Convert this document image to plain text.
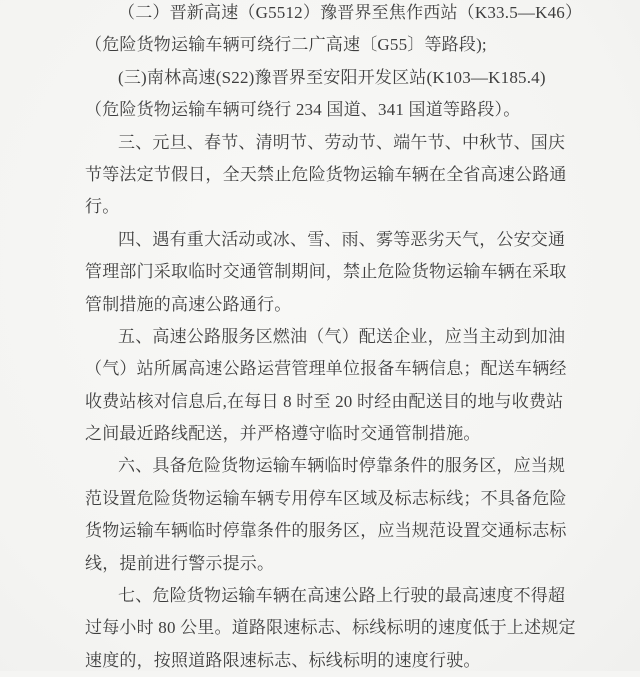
（二）晋新高速（G5512）豫晋界至焦作西站（K33.5—K46）
（危险货物运输车辆可绕行二广高速〔G55〕等路段);
(三)南林高速(S22)豫晋界至安阳开发区站(K103—K185.4)
（危险货物运输车辆可绕行 234 国道、341 国道等路段）。
三、元旦、春节、清明节、劳动节、端午节、中秋节、国庆
节等法定节假日，全天禁止危险货物运输车辆在全省高速公路通
行。
四、遇有重大活动或冰、雪、雨、雾等恶劣天气，公安交通
管理部门采取临时交通管制期间，禁止危险货物运输车辆在采取
管制措施的高速公路通行。
五、高速公路服务区燃油（气）配送企业，应当主动到加油
（气）站所属高速公路运营管理单位报备车辆信息；配送车辆经
收费站核对信息后,在每日 8 时至 20 时经由配送目的地与收费站
之间最近路线配送，并严格遵守临时交通管制措施。
六、具备危险货物运输车辆临时停靠条件的服务区，应当规
范设置危险货物运输车辆专用停车区域及标志标线；不具备危险
货物运输车辆临时停靠条件的服务区，应当规范设置交通标志标
线，提前进行警示提示。
七、危险货物运输车辆在高速公路上行驶的最高速度不得超
过每小时 80 公里。道路限速标志、标线标明的速度低于上述规定
速度的，按照道路限速标志、标线标明的速度行驶。
